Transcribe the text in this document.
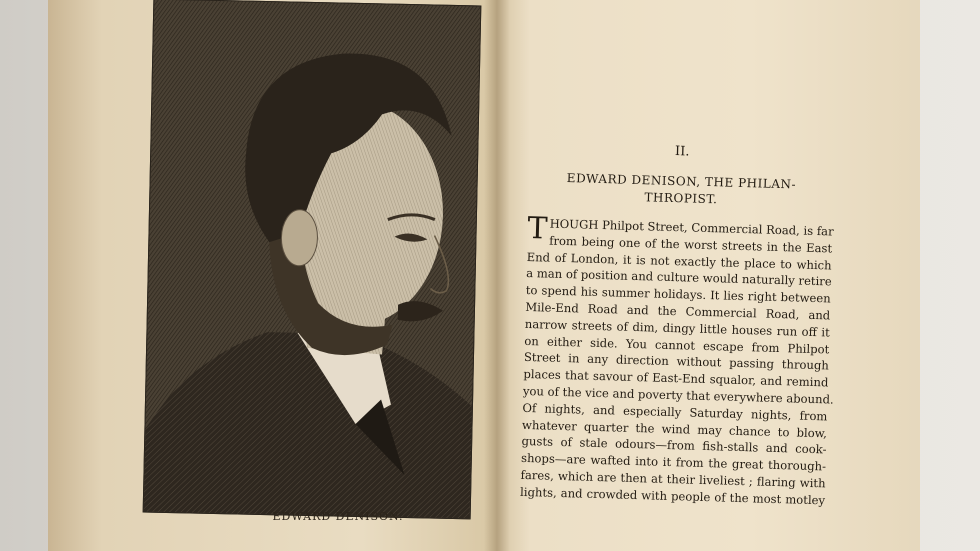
EDWARD DENISON.
II.
EDWARD DENISON, THE PHILAN-
THROPIST.
T HOUGH Philpot Street, Commercial Road, is far
from being one of the worst streets in the East
End of London, it is not exactly the place to which
a man of position and culture would naturally retire
to spend his summer holidays. It lies right between
Mile-End Road and the Commercial Road, and
narrow streets of dim, dingy little houses run off it
on either side. You cannot escape from Philpot
Street in any direction without passing through
places that savour of East-End squalor, and remind
you of the vice and poverty that everywhere abound.
Of nights, and especially Saturday nights, from
whatever quarter the wind may chance to blow,
gusts of stale odours—from fish-stalls and cook-
shops—are wafted into it from the great thorough-
fares, which are then at their liveliest ; flaring with
lights, and crowded with people of the most motley
